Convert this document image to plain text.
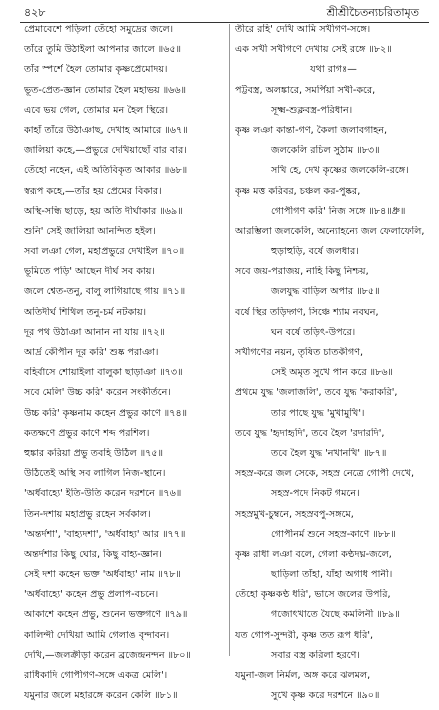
৪২৮	শ্রীশ্রীচৈতন্যচরিতামৃত
প্রেমাবেশে পড়িলা তেঁহো সমুদ্রের জলে।
তাঁরে তুমি উঠাইলা আপনার জালে ॥৬৫॥
তাঁর স্পর্শে হৈল তোমার কৃষ্ণপ্রেমোদয়।
ভূত-প্রেত-জ্ঞান তোমার হৈল মহাভয় ॥৬৬॥
এবে ভয় গেল, তোমার মন হৈল স্থিরে।
কাহাঁ তাঁরে উঠাঞাছ, দেখাহ আমারে ॥৬৭॥
জালিয়া কহে,—প্রভুরে দেখিয়াছোঁ বার বার।
তেঁহো নহেন, এই অতিবিকৃত আকার ॥৬৮॥
স্বরূপ কহে,—তাঁর হয় প্রেমের বিকার।
অস্থি-সন্ধি ছাড়ে, হয় অতি দীর্ঘাকার ॥৬৯॥
শুনি' সেই জালিয়া আনন্দিত হইল।
সবা লঞা গেল, মহাপ্রভুরে দেখাইল ॥৭০॥
ভূমিতে পড়ি' আছেন দীর্ঘ সব কায়।
জলে শ্বেত-তনু, বালু লাগিয়াছে গায় ॥৭১॥
অতিদীর্ঘ শিথিল তনু-চর্ম নটকায়।
দূর পথ উঠাঞা আনান না যায় ॥৭২॥
আর্দ্র কৌপীন দূর করি' শুষ্ক পরাঞা।
বহির্বাসে শোয়াইলা বালুকা ছাড়াঞা ॥৭৩॥
সবে মেলি' উচ্চ করি' করেন সংকীর্তনে।
উচ্চ করি' কৃষ্ণনাম কহেন প্রভুর কাণে ॥৭৪॥
কতক্ষণে প্রভুর কাণে শব্দ পরশিল।
হুঙ্কার করিয়া প্রভু তবহিঁ উঠিল ॥৭৫॥
উঠিতেই অস্থি সব লাগিল নিজ-স্থানে।
'অর্ধবাহ্যে' ইতি-উতি করেন দরশনে ॥৭৬॥
তিন-দশায় মহাপ্রভু রহেন সর্বকাল।
'অন্তর্দশা', 'বাহ্যদশা', 'অর্ধবাহ্য' আর ॥৭৭॥
অন্তর্দশার কিছু ঘোর, কিছু বাহ্য-জ্ঞান।
সেই দশা কহেন ভক্ত 'অর্ধবাহ্য' নাম ॥৭৮॥
'অর্ধবাহ্যে' কহেন প্রভু প্রলাপ-বচনে।
আকাশে কহেন প্রভু, শুনেন ভক্তগণে ॥৭৯॥
কালিন্দী দেখিয়া আমি গেলাঙ বৃন্দাবন।
দেখি,—জলক্রীড়া করেন ব্রজেন্দ্রনন্দন ॥৮০॥
রাধিকাদি গোপীগণ-সঙ্গে একত্র মেলি'।
যমুনার জলে মহারঙ্গে করেন কেলি ॥৮১॥
তীরে রহি' দেখি আমি সখীগণ-সঙ্গে।
এক সখী সখীগণে দেখায় সেই রঙ্গে ॥৮২॥
যথা রাগঃ—
পট্টবস্ত্র, অলঙ্কারে, সমর্পিয়া সখী-করে,
সূক্ষ্ম-শুক্লবস্ত্র-পরিধান।
কৃষ্ণ লঞা কান্তা-গণ, কৈলা জলাবগাহন,
জলকেলি রচিল সুঠাম ॥৮৩॥
সখি হে, দেখ কৃষ্ণের জলকেলি-রঙ্গে।
কৃষ্ণ মত্ত করিবর, চঞ্চল কর-পুষ্কর,
গোপীগণ করি' নিজ সঙ্গে ॥৮৪॥ধ্রু॥
আরম্ভিলা জলকেলি, অন্যোহন্যে জল ফেলাফেলি,
হুড়াহুড়ি, বর্ষে জলধার।
সবে জয়-পরাজয়, নাহি কিছু নিশ্চয়,
জলযুদ্ধ বাড়িল অপার ॥৮৫॥
বর্ষে স্থির তড়িদ্গণ, সিঞ্চে শ্যাম নবঘন,
ঘন বর্ষে তড়িৎ-উপরে।
সখীগণের নয়ন, তৃষিত চাতকীগণ,
সেই অমৃত সুখে পান করে ॥৮৬॥
প্রথমে যুদ্ধ 'জলাজলি', তবে যুদ্ধ 'করাকরি',
তার পাছে যুদ্ধ 'মুখামুখি'।
তবে যুদ্ধ 'হৃদাহৃদি', তবে হৈল 'রদারদি',
তবে হৈল যুদ্ধ 'নখানখি' ॥৮৭॥
সহস্র-করে জল সেকে, সহস্র নেত্রে গোপী দেখে,
সহস্র-পদে নিকট গমনে।
সহস্রমুখ-চুম্বনে, সহস্রবপু-সঙ্গমে,
গোপীনর্ম শুনে সহস্র-কাণে ॥৮৮॥
কৃষ্ণ রাধা লঞা বলে, গেলা কণ্ঠদঘ্ন-জলে,
ছাড়িলা তাঁহা, যাঁহা অগাধ পানী।
তেঁহো কৃষ্ণকণ্ঠ ধরি', ভাসে জলের উপরি,
গজোৎখাতে যৈছে কমলিনী ॥৮৯॥
যত গোপ-সুন্দরী, কৃষ্ণ তত রূপ ধরি',
সবার বস্ত্র করিলা হরণে।
যমুনা-জল নির্মল, অঙ্গ করে ঝলমল,
সুখে কৃষ্ণ করে দরশনে ॥৯০॥
